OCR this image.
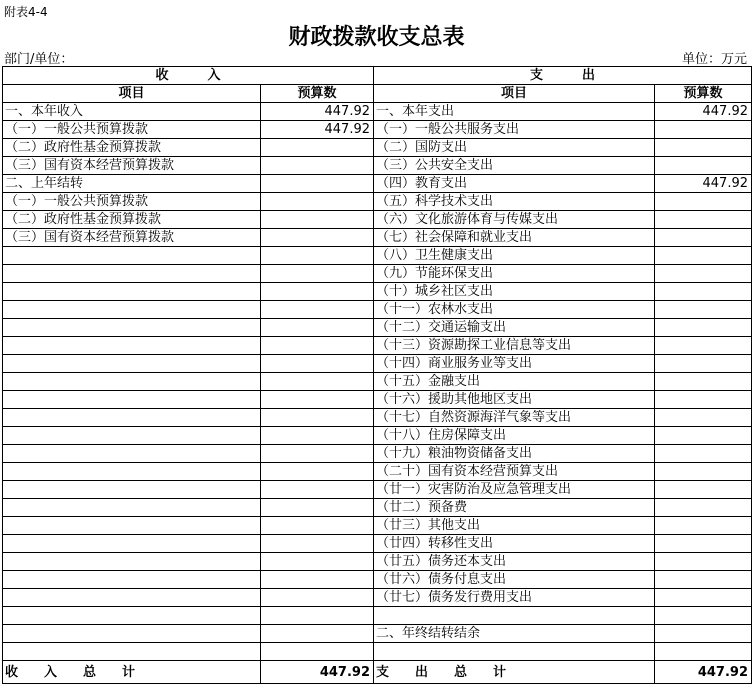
附表4-4
财政拨款收支总表
部门/单位：	单位：万元
收　　　入		支　　　出	
项目	预算数	项目	预算数
一、本年收入	447.92	一、本年支出	447.92
（一）一般公共预算拨款	447.92	（一）一般公共服务支出	
（二）政府性基金预算拨款		（二）国防支出	
（三）国有资本经营预算拨款		（三）公共安全支出	
二、上年结转		（四）教育支出	447.92
（一）一般公共预算拨款		（五）科学技术支出	
（二）政府性基金预算拨款		（六）文化旅游体育与传媒支出	
（三）国有资本经营预算拨款		（七）社会保障和就业支出	
		（八）卫生健康支出	
		（九）节能环保支出	
		（十）城乡社区支出	
		（十一）农林水支出	
		（十二）交通运输支出	
		（十三）资源勘探工业信息等支出	
		（十四）商业服务业等支出	
		（十五）金融支出	
		（十六）援助其他地区支出	
		（十七）自然资源海洋气象等支出	
		（十八）住房保障支出	
		（十九）粮油物资储备支出	
		（二十）国有资本经营预算支出	
		（廿一）灾害防治及应急管理支出	
		（廿二）预备费	
		（廿三）其他支出	
		（廿四）转移性支出	
		（廿五）债务还本支出	
		（廿六）债务付息支出	
		（廿七）债务发行费用支出	

		二、年终结转结余	

收　　入　　总　　计	447.92	支　　出　　总　　计	447.92
